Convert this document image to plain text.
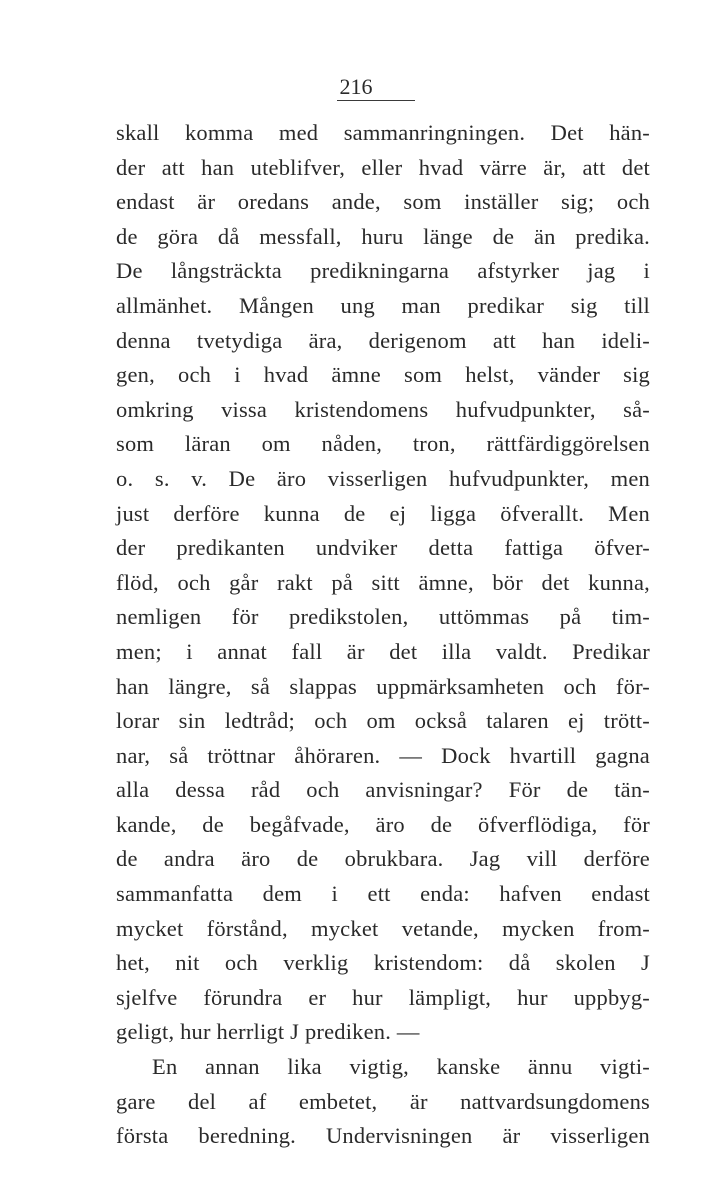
216
skall komma med sammanringningen. Det hän-
der att han uteblifver, eller hvad värre är, att det
endast är oredans ande, som inställer sig; och
de göra då messfall, huru länge de än predika.
De långsträckta predikningarna afstyrker jag i
allmänhet. Mången ung man predikar sig till
denna tvetydiga ära, derigenom att han ideli-
gen, och i hvad ämne som helst, vänder sig
omkring vissa kristendomens hufvudpunkter, så-
som läran om nåden, tron, rättfärdiggörelsen
o. s. v. De äro visserligen hufvudpunkter, men
just derföre kunna de ej ligga öfverallt. Men
der predikanten undviker detta fattiga öfver-
flöd, och går rakt på sitt ämne, bör det kunna,
nemligen för predikstolen, uttömmas på tim-
men; i annat fall är det illa valdt. Predikar
han längre, så slappas uppmärksamheten och för-
lorar sin ledtråd; och om också talaren ej trött-
nar, så tröttnar åhöraren. — Dock hvartill gagna
alla dessa råd och anvisningar? För de tän-
kande, de begåfvade, äro de öfverflödiga, för
de andra äro de obrukbara. Jag vill derföre
sammanfatta dem i ett enda: hafven endast
mycket förstånd, mycket vetande, mycken from-
het, nit och verklig kristendom: då skolen J
sjelfve förundra er hur lämpligt, hur uppbyg-
geligt, hur herrligt J prediken. —
En annan lika vigtig, kanske ännu vigti-
gare del af embetet, är nattvardsungdomens
första beredning. Undervisningen är visserligen
